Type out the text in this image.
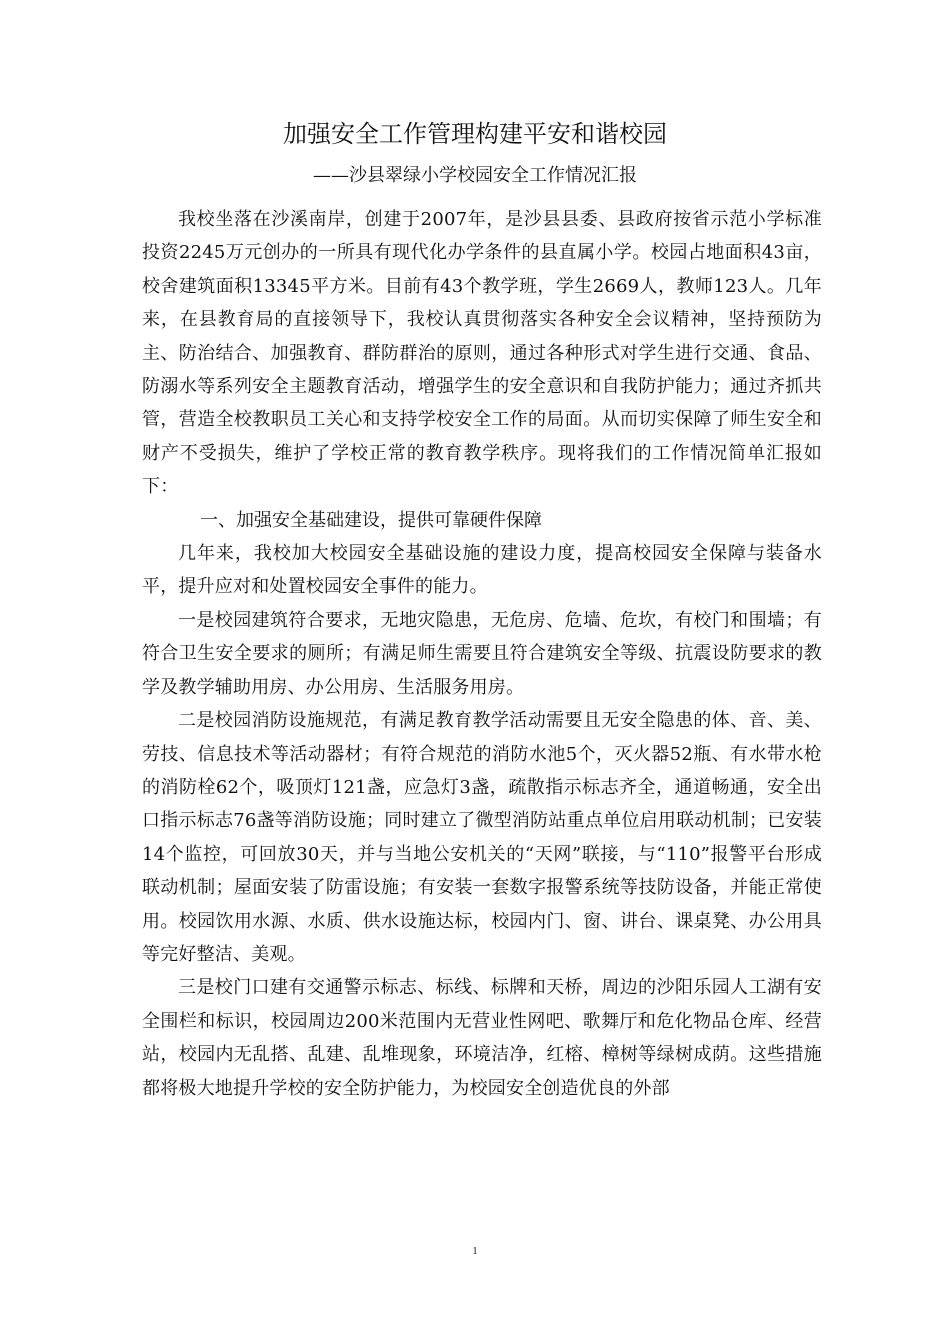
加强安全工作管理构建平安和谐校园
——沙县翠绿小学校园安全工作情况汇报

我校坐落在沙溪南岸，创建于2007年，是沙县县委、县政府按省示范小学标准投资2245万元创办的一所具有现代化办学条件的县直属小学。校园占地面积43亩，校舍建筑面积13345平方米。目前有43个教学班，学生2669人，教师123人。几年来，在县教育局的直接领导下，我校认真贯彻落实各种安全会议精神，坚持预防为主、防治结合、加强教育、群防群治的原则，通过各种形式对学生进行交通、食品、防溺水等系列安全主题教育活动，增强学生的安全意识和自我防护能力；通过齐抓共管，营造全校教职员工关心和支持学校安全工作的局面。从而切实保障了师生安全和财产不受损失，维护了学校正常的教育教学秩序。现将我们的工作情况简单汇报如下：

一、加强安全基础建设，提供可靠硬件保障

几年来，我校加大校园安全基础设施的建设力度，提高校园安全保障与装备水平，提升应对和处置校园安全事件的能力。

一是校园建筑符合要求，无地灾隐患，无危房、危墙、危坎，有校门和围墙；有符合卫生安全要求的厕所；有满足师生需要且符合建筑安全等级、抗震设防要求的教学及教学辅助用房、办公用房、生活服务用房。

二是校园消防设施规范，有满足教育教学活动需要且无安全隐患的体、音、美、劳技、信息技术等活动器材；有符合规范的消防水池5个，灭火器52瓶、有水带水枪的消防栓62个，吸顶灯121盏，应急灯3盏，疏散指示标志齐全，通道畅通，安全出口指示标志76盏等消防设施；同时建立了微型消防站重点单位启用联动机制；已安装14个监控，可回放30天，并与当地公安机关的“天网”联接，与“110”报警平台形成联动机制；屋面安装了防雷设施；有安装一套数字报警系统等技防设备，并能正常使用。校园饮用水源、水质、供水设施达标，校园内门、窗、讲台、课桌凳、办公用具等完好整洁、美观。

三是校门口建有交通警示标志、标线、标牌和天桥，周边的沙阳乐园人工湖有安全围栏和标识，校园周边200米范围内无营业性网吧、歌舞厅和危化物品仓库、经营站，校园内无乱搭、乱建、乱堆现象，环境洁净，红榕、樟树等绿树成荫。这些措施都将极大地提升学校的安全防护能力，为校园安全创造优良的外部

1
